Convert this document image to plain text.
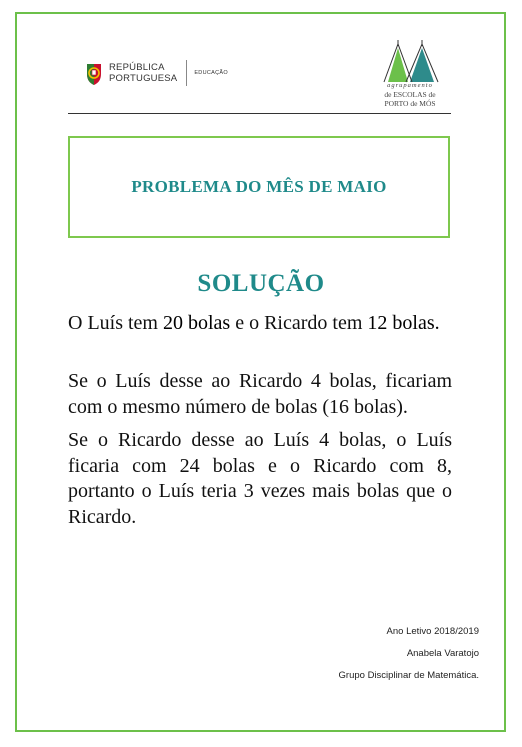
REPÚBLICA
PORTUGUESA	EDUCAÇÃO
agrupamento
de ESCOLAS de
PORTO de MÓS
PROBLEMA DO MÊS DE MAIO
SOLUÇÃO

O Luís tem 20 bolas e o Ricardo tem 12 bolas.

Se o Luís desse ao Ricardo 4 bolas, ficariam com o mesmo número de bolas (16 bolas).

Se o Ricardo desse ao Luís 4 bolas, o Luís ficaria com 24 bolas e o Ricardo com 8, portanto o Luís teria 3 vezes mais bolas que o Ricardo.

Ano Letivo 2018/2019
Anabela Varatojo
Grupo Disciplinar de Matemática.
